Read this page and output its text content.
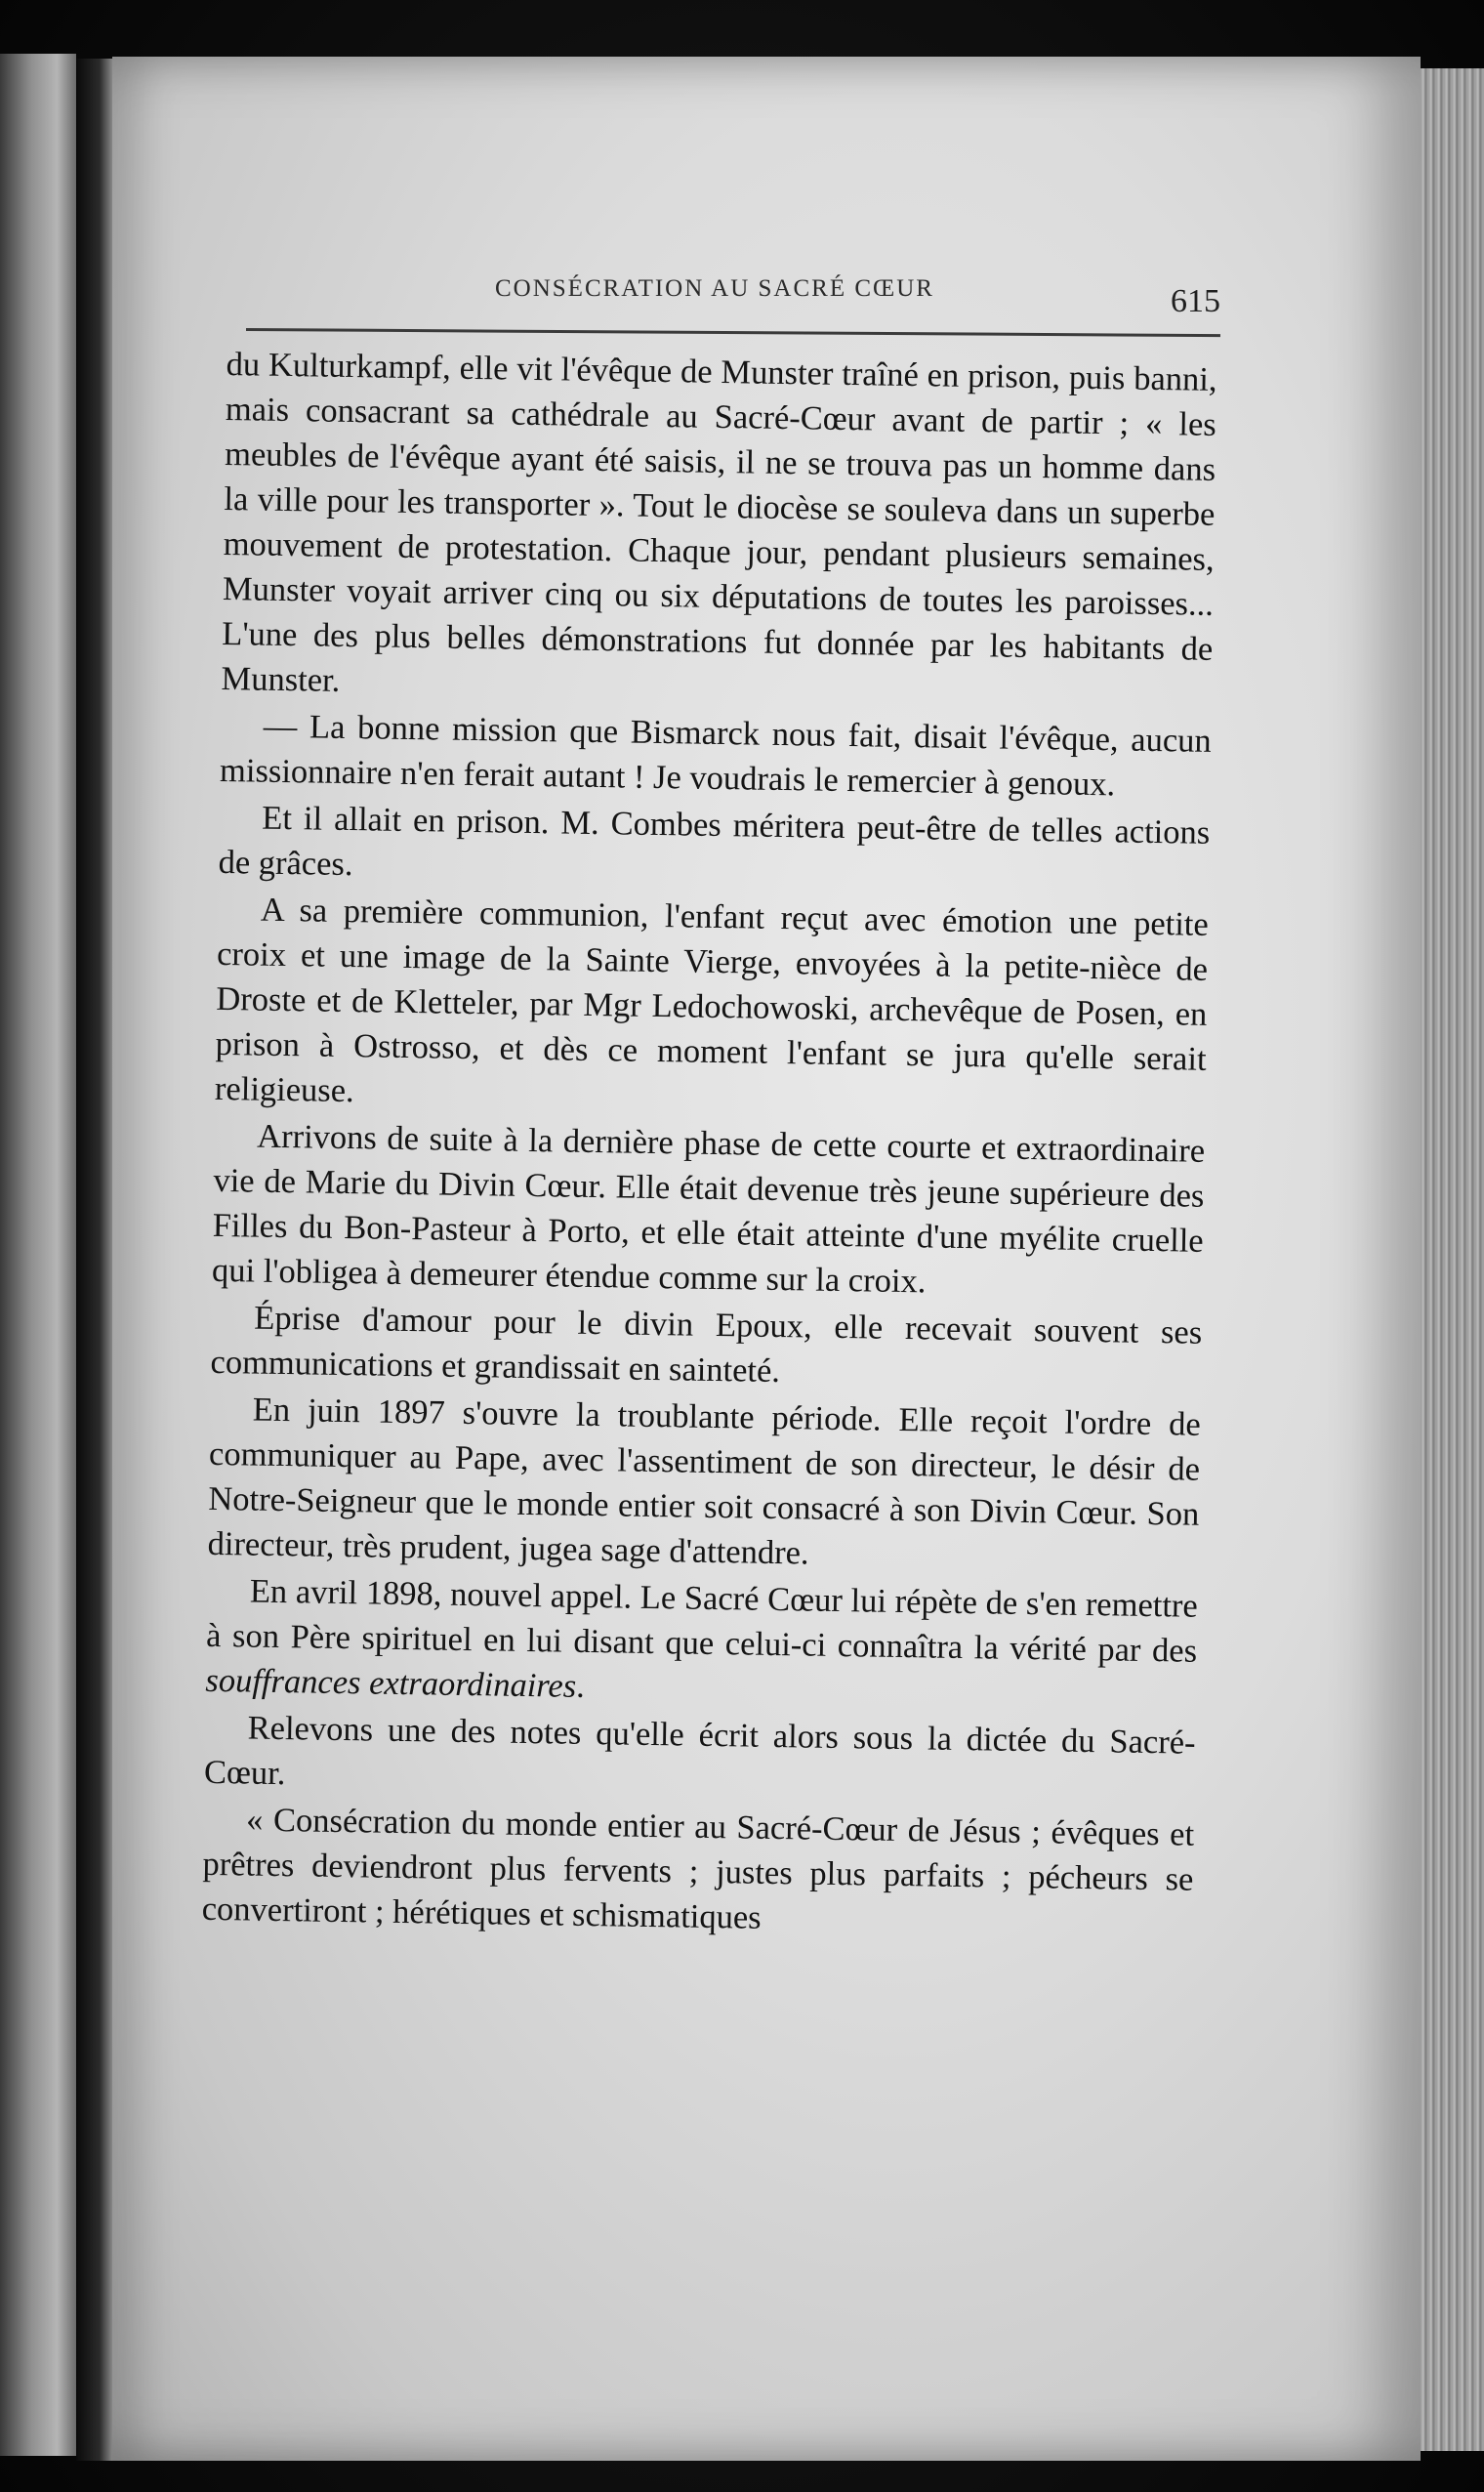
CONSÉCRATION AU SACRÉ CŒUR	615

du Kulturkampf, elle vit l'évêque de Munster traîné en prison, puis banni, mais consacrant sa cathédrale au Sacré-Cœur avant de partir ; « les meubles de l'évêque ayant été saisis, il ne se trouva pas un homme dans la ville pour les transporter ». Tout le diocèse se souleva dans un superbe mouvement de protestation. Chaque jour, pendant plusieurs semaines, Munster voyait arriver cinq ou six députations de toutes les paroisses... L'une des plus belles démonstrations fut donnée par les habitants de Munster.

— La bonne mission que Bismarck nous fait, disait l'évêque, aucun missionnaire n'en ferait autant ! Je voudrais le remercier à genoux.

Et il allait en prison. M. Combes méritera peut-être de telles actions de grâces.

A sa première communion, l'enfant reçut avec émotion une petite croix et une image de la Sainte Vierge, envoyées à la petite-nièce de Droste et de Kletteler, par Mgr Ledochowoski, archevêque de Posen, en prison à Ostrosso, et dès ce moment l'enfant se jura qu'elle serait religieuse.

Arrivons de suite à la dernière phase de cette courte et extraordinaire vie de Marie du Divin Cœur. Elle était devenue très jeune supérieure des Filles du Bon-Pasteur à Porto, et elle était atteinte d'une myélite cruelle qui l'obligea à demeurer étendue comme sur la croix.

Éprise d'amour pour le divin Epoux, elle recevait souvent ses communications et grandissait en sainteté.

En juin 1897 s'ouvre la troublante période. Elle reçoit l'ordre de communiquer au Pape, avec l'assentiment de son directeur, le désir de Notre-Seigneur que le monde entier soit consacré à son Divin Cœur. Son directeur, très prudent, jugea sage d'attendre.

En avril 1898, nouvel appel. Le Sacré Cœur lui répète de s'en remettre à son Père spirituel en lui disant que celui-ci connaîtra la vérité par des souffrances extraordinaires.

Relevons une des notes qu'elle écrit alors sous la dictée du Sacré-Cœur.

« Consécration du monde entier au Sacré-Cœur de Jésus ; évêques et prêtres deviendront plus fervents ; justes plus parfaits ; pécheurs se convertiront ; hérétiques et schismatiques
